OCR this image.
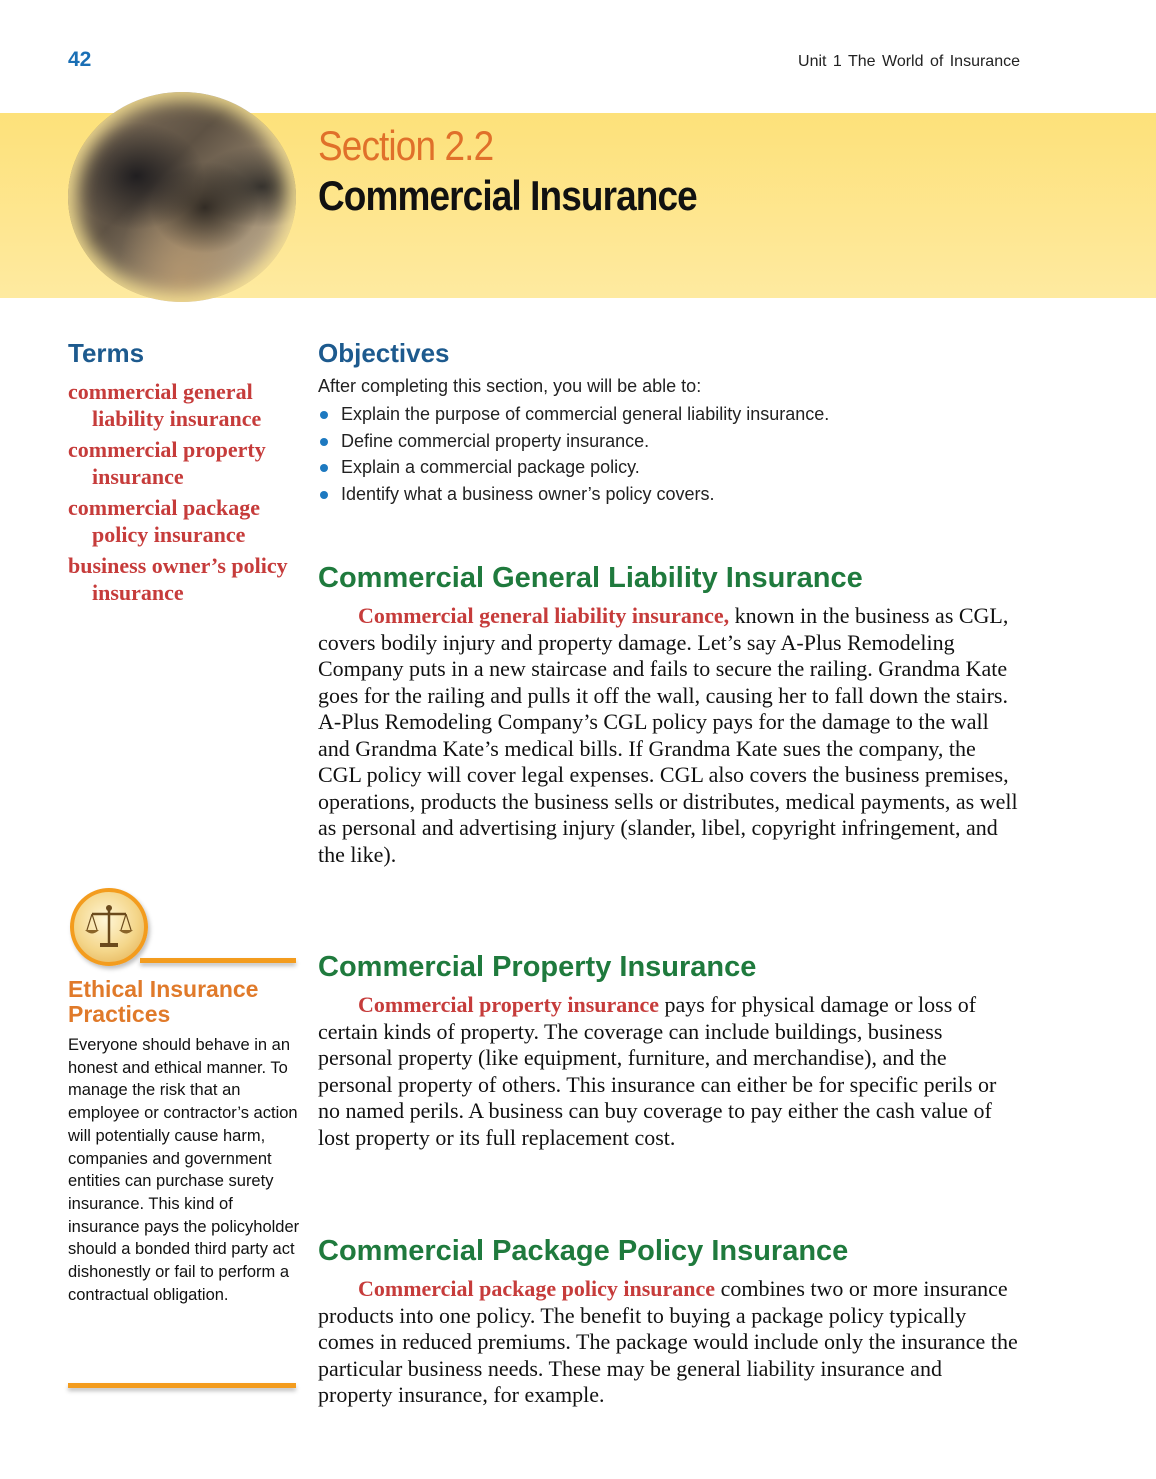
42	Unit 1 The World of Insurance
Section 2.2
Commercial Insurance
Terms
commercial general liability insurance
commercial property insurance
commercial package policy insurance
business owner’s policy insurance
Objectives
After completing this section, you will be able to:
Explain the purpose of commercial general liability insurance.
Define commercial property insurance.
Explain a commercial package policy.
Identify what a business owner’s policy covers.
Commercial General Liability Insurance

Commercial general liability insurance, known in the business as CGL, covers bodily injury and property damage. Let’s say A-Plus Remodeling Company puts in a new staircase and fails to secure the railing. Grandma Kate goes for the railing and pulls it off the wall, causing her to fall down the stairs. A-Plus Remodeling Company’s CGL policy pays for the damage to the wall and Grandma Kate’s medical bills. If Grandma Kate sues the company, the CGL policy will cover legal expenses. CGL also covers the business premises, operations, products the business sells or distributes, medical payments, as well as personal and advertising injury (slander, libel, copyright infringement, and the like).

Commercial Property Insurance

Commercial property insurance pays for physical damage or loss of certain kinds of property. The coverage can include buildings, business personal property (like equipment, furniture, and merchandise), and the personal property of others. This insurance can either be for specific perils or no named perils. A business can buy coverage to pay either the cash value of lost property or its full replacement cost.

Commercial Package Policy Insurance

Commercial package policy insurance combines two or more insurance products into one policy. The benefit to buying a package policy typically comes in reduced premiums. The package would include only the insurance the particular business needs. These may be general liability insurance and property insurance, for example.

Ethical Insurance Practices

Everyone should behave in an honest and ethical manner. To manage the risk that an employee or contractor’s action will potentially cause harm, companies and government entities can purchase surety insurance. This kind of insurance pays the policyholder should a bonded third party act dishonestly or fail to perform a contractual obligation.
